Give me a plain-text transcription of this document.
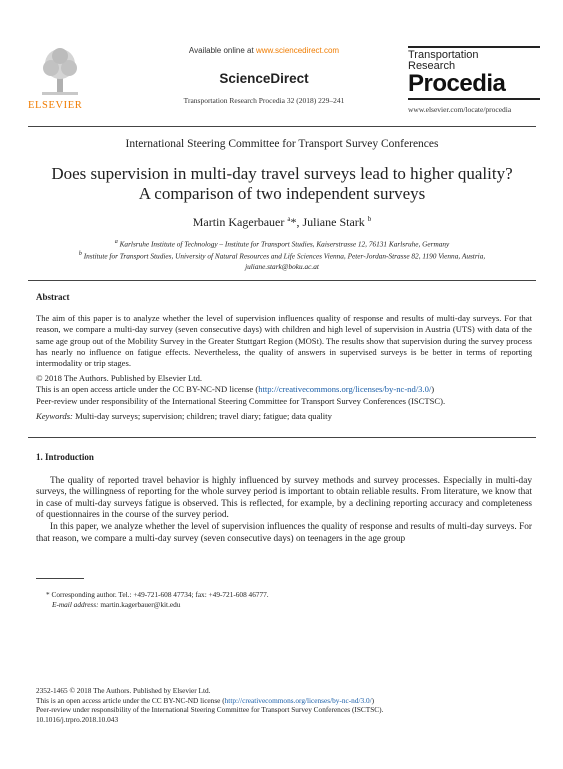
ELSEVIER
Available online at www.sciencedirect.com
ScienceDirect
Transportation Research Procedia 32 (2018) 229–241
Transportation
Research
Procedia
www.elsevier.com/locate/procedia
International Steering Committee for Transport Survey Conferences
Does supervision in multi-day travel surveys lead to higher quality?
A comparison of two independent surveys
Martin Kagerbauer $^a$*, Juliane Stark $^b$
$^a$ Karlsruhe Institute of Technology – Institute for Transport Studies, Kaiserstrasse 12, 76131 Karlsruhe, Germany
$^b$ Institute for Transport Studies, University of Natural Resources and Life Sciences Vienna, Peter-Jordan-Strasse 82, 1190 Vienna, Austria,
juliane.stark@boku.ac.at
Abstract
The aim of this paper is to analyze whether the level of supervision influences quality of response and results of multi-day surveys. For that reason, we compare a multi-day survey (seven consecutive days) with children and high level of supervision in Austria (UTS) with data of the same age group out of the Mobility Survey in the Greater Stuttgart Region (MOSt). The results show that supervision during the survey process has nearly no influence on fatigue effects. Nevertheless, the quality of answers in supervised surveys is be better in terms of reporting intermodality or trip stages.
© 2018 The Authors. Published by Elsevier Ltd.
This is an open access article under the CC BY-NC-ND license (http://creativecommons.org/licenses/by-nc-nd/3.0/)
Peer-review under responsibility of the International Steering Committee for Transport Survey Conferences (ISCTSC).
Keywords: Multi-day surveys; supervision; children; travel diary; fatigue; data quality
1. Introduction
The quality of reported travel behavior is highly influenced by survey methods and survey processes. Especially in multi-day surveys, the willingness of reporting for the whole survey period is important to obtain reliable results. From literature, we know that in case of multi-day surveys fatigue is observed. This is reflected, for example, by a declining reporting accuracy and completeness of questionnaires in the course of the survey period.
In this paper, we analyze whether the level of supervision influences the quality of response and results of multi-day surveys. For that reason, we compare a multi-day survey (seven consecutive days) on teenagers in the age group
* Corresponding author. Tel.: +49-721-608 47734; fax: +49-721-608 46777.
E-mail address: martin.kagerbauer@kit.edu
2352-1465 © 2018 The Authors. Published by Elsevier Ltd.
This is an open access article under the CC BY-NC-ND license (http://creativecommons.org/licenses/by-nc-nd/3.0/)
Peer-review under responsibility of the International Steering Committee for Transport Survey Conferences (ISCTSC).
10.1016/j.trpro.2018.10.043
